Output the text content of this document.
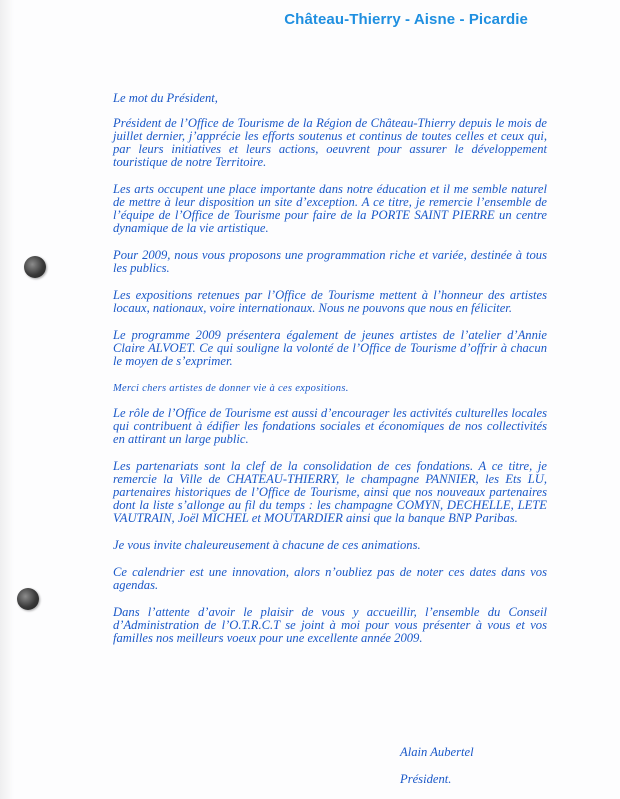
Château-Thierry - Aisne - Picardie

Le mot du Président,

Président de l’Office de Tourisme de la Région de Château-Thierry depuis le mois de juillet dernier, j’apprécie les efforts soutenus et continus de toutes celles et ceux qui, par leurs initiatives et leurs actions, oeuvrent pour assurer le développement touristique de notre Territoire.

Les arts occupent une place importante dans notre éducation et il me semble naturel de mettre à leur disposition un site d’exception. A ce titre, je remercie l’ensemble de l’équipe de l’Office de Tourisme pour faire de la PORTE SAINT PIERRE un centre dynamique de la vie artistique.

Pour 2009, nous vous proposons une programmation riche et variée, destinée à tous les publics.

Les expositions retenues par l’Office de Tourisme mettent à l’honneur des artistes locaux, nationaux, voire internationaux. Nous ne pouvons que nous en féliciter.

Le programme 2009 présentera également de jeunes artistes de l’atelier d’Annie Claire ALVOET. Ce qui souligne la volonté de l’Office de Tourisme d’offrir à chacun le moyen de s’exprimer.

Merci chers artistes de donner vie à ces expositions.

Le rôle de l’Office de Tourisme est aussi d’encourager les activités culturelles locales qui contribuent à édifier les fondations sociales et économiques de nos collectivités en attirant un large public.

Les partenariats sont la clef de la consolidation de ces fondations. A ce titre, je remercie la Ville de CHATEAU-THIERRY, le champagne PANNIER, les Ets LU, partenaires historiques de l’Office de Tourisme, ainsi que nos nouveaux partenaires dont la liste s’allonge au fil du temps : les champagne COMYN, DECHELLE, LETE VAUTRAIN, Joël MICHEL et MOUTARDIER ainsi que la banque BNP Paribas.

Je vous invite chaleureusement à chacune de ces animations.

Ce calendrier est une innovation, alors n’oubliez pas de noter ces dates dans vos agendas.

Dans l’attente d’avoir le plaisir de vous y accueillir, l’ensemble du Conseil d’Administration de l’O.T.R.C.T se joint à moi pour vous présenter à vous et vos familles nos meilleurs voeux pour une excellente année 2009.

Alain Aubertel
Président.
